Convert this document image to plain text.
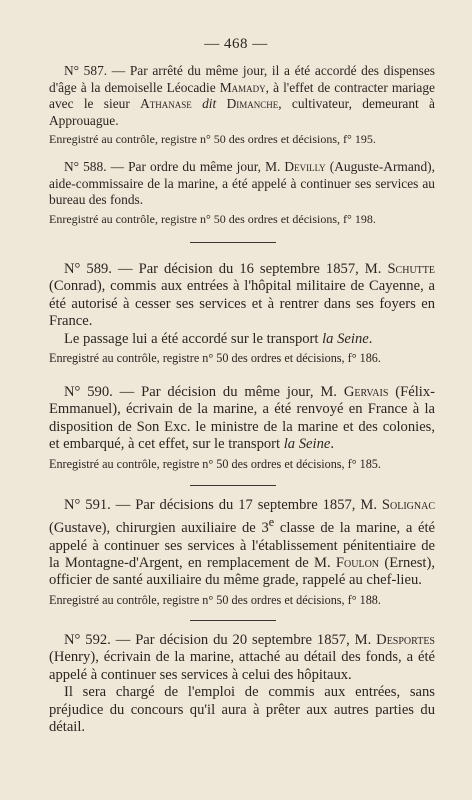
— 468 —

N° 587. — Par arrêté du même jour, il a été accordé des dispenses d'âge à la demoiselle Léocadie Mamady, à l'effet de contracter mariage avec le sieur Athanase dit Dimanche, cultivateur, demeurant à Approuague.

Enregistré au contrôle, registre n° 50 des ordres et décisions, f° 195.

N° 588. — Par ordre du même jour, M. Devilly (Auguste-Armand), aide-commissaire de la marine, a été appelé à continuer ses services au bureau des fonds.

Enregistré au contrôle, registre n° 50 des ordres et décisions, f° 198.

N° 589. — Par décision du 16 septembre 1857, M. Schutte (Conrad), commis aux entrées à l'hôpital militaire de Cayenne, a été autorisé à cesser ses services et à rentrer dans ses foyers en France.

Le passage lui a été accordé sur le transport la Seine.

Enregistré au contrôle, registre n° 50 des ordres et décisions, f° 186.

N° 590. — Par décision du même jour, M. Gervais (Félix-Emmanuel), écrivain de la marine, a été renvoyé en France à la disposition de Son Exc. le ministre de la marine et des colonies, et embarqué, à cet effet, sur le transport la Seine.

Enregistré au contrôle, registre n° 50 des ordres et décisions, f° 185.

N° 591. — Par décisions du 17 septembre 1857, M. Solignac (Gustave), chirurgien auxiliaire de 3e classe de la marine, a été appelé à continuer ses services à l'établissement pénitentiaire de la Montagne-d'Argent, en remplacement de M. Foulon (Ernest), officier de santé auxiliaire du même grade, rappelé au chef-lieu.

Enregistré au contrôle, registre n° 50 des ordres et décisions, f° 188.

N° 592. — Par décision du 20 septembre 1857, M. Desportes (Henry), écrivain de la marine, attaché au détail des fonds, a été appelé à continuer ses services à celui des hôpitaux.

Il sera chargé de l'emploi de commis aux entrées, sans préjudice du concours qu'il aura à prêter aux autres parties du détail.
